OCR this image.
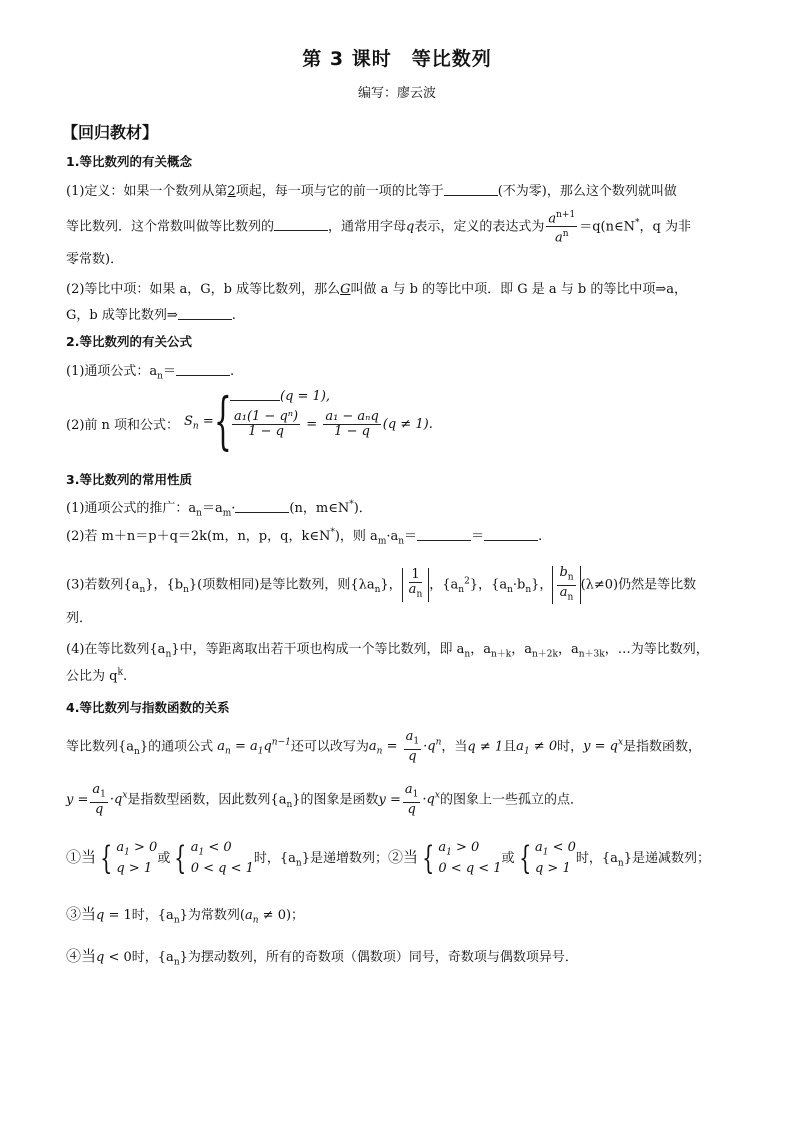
第 3 课时　等比数列
编写：廖云波
【回归教材】
1.等比数列的有关概念
(1)定义：如果一个数列从第2项起，每一项与它的前一项的比等于	(不为零)，那么这个数列就叫做
等比数列．这个常数叫做等比数列的	，通常用字母q表示，定义的表达式为 $\frac{a^{n+1}}{a^n}$ ＝q(n∈N*，q 为非
零常数)．
(2)等比中项：如果 a，G，b 成等比数列，那么G叫做 a 与 b 的等比中项．即 G 是 a 与 b 的等比中项⇒a，
G，b 成等比数列⇒	.
2.等比数列的有关公式
(1)通项公式：$a_n=$	.
(2)前 n 项和公式： $S_n$ = {	(q = 1),
$\frac{\text{a₁(1 − qⁿ)}}{1 - q} = \frac{\text{a₁ − aₙq}}{1 - q} (q \ne 1)$.
3.等比数列的常用性质
(1)通项公式的推广：$a_n=a_m\cdot$	(n，m∈N*)．
(2)若 m＋n＝p＋q＝2k(m，n，p，q，k∈N*)，则 $a_m\cdot a_n=$	＝	.
(3)若数列$\{a_n\}$，$\{b_n\}$(项数相同)是等比数列，则$\{\lambda a_n\}$， $\frac{1}{a_n}$ ，$\{a_n^2\}$，$\{a_n\cdot b_n\}$， $\frac{b_n}{a_n} (\lambda\ne 0)$仍然是等比数
列．
(4)在等比数列$\{a_n\}$中，等距离取出若干项也构成一个等比数列，即 $a_n$，$a_{n+k}$，$a_{n+2k}$，$a_{n+3k}$，…为等比数列，
公比为 $q^k$.
4.等比数列与指数函数的关系
等比数列$\{a_n\}$的通项公式 $a_n = a_1q^{n-1}$还可以改写为$a_n = \frac{a_1}{q} \cdot q^n$，当q ≠ 1且$a_1 \ne 0$时，$y = q^x$是指数函数，
$y = \frac{a_1}{q} \cdot q^x$是指数型函数，因此数列$\{a_n\}$的图象是函数$y = \frac{a_1}{q} \cdot q^x$的图象上一些孤立的点．
①当 { $a_1 > 0$
q > 1
或 { $a_1 < 0$
0 < q < 1
时，$\{a_n\}$是递增数列；②当 { $a_1 > 0$
0 < q < 1
或 { $a_1 < 0$
q > 1
时，$\{a_n\}$是递减数列；
③当q = 1时，$\{a_n\}$为常数列$(a_n \ne 0)$；
④当q < 0时，$\{a_n\}$为摆动数列，所有的奇数项（偶数项）同号，奇数项与偶数项异号．
